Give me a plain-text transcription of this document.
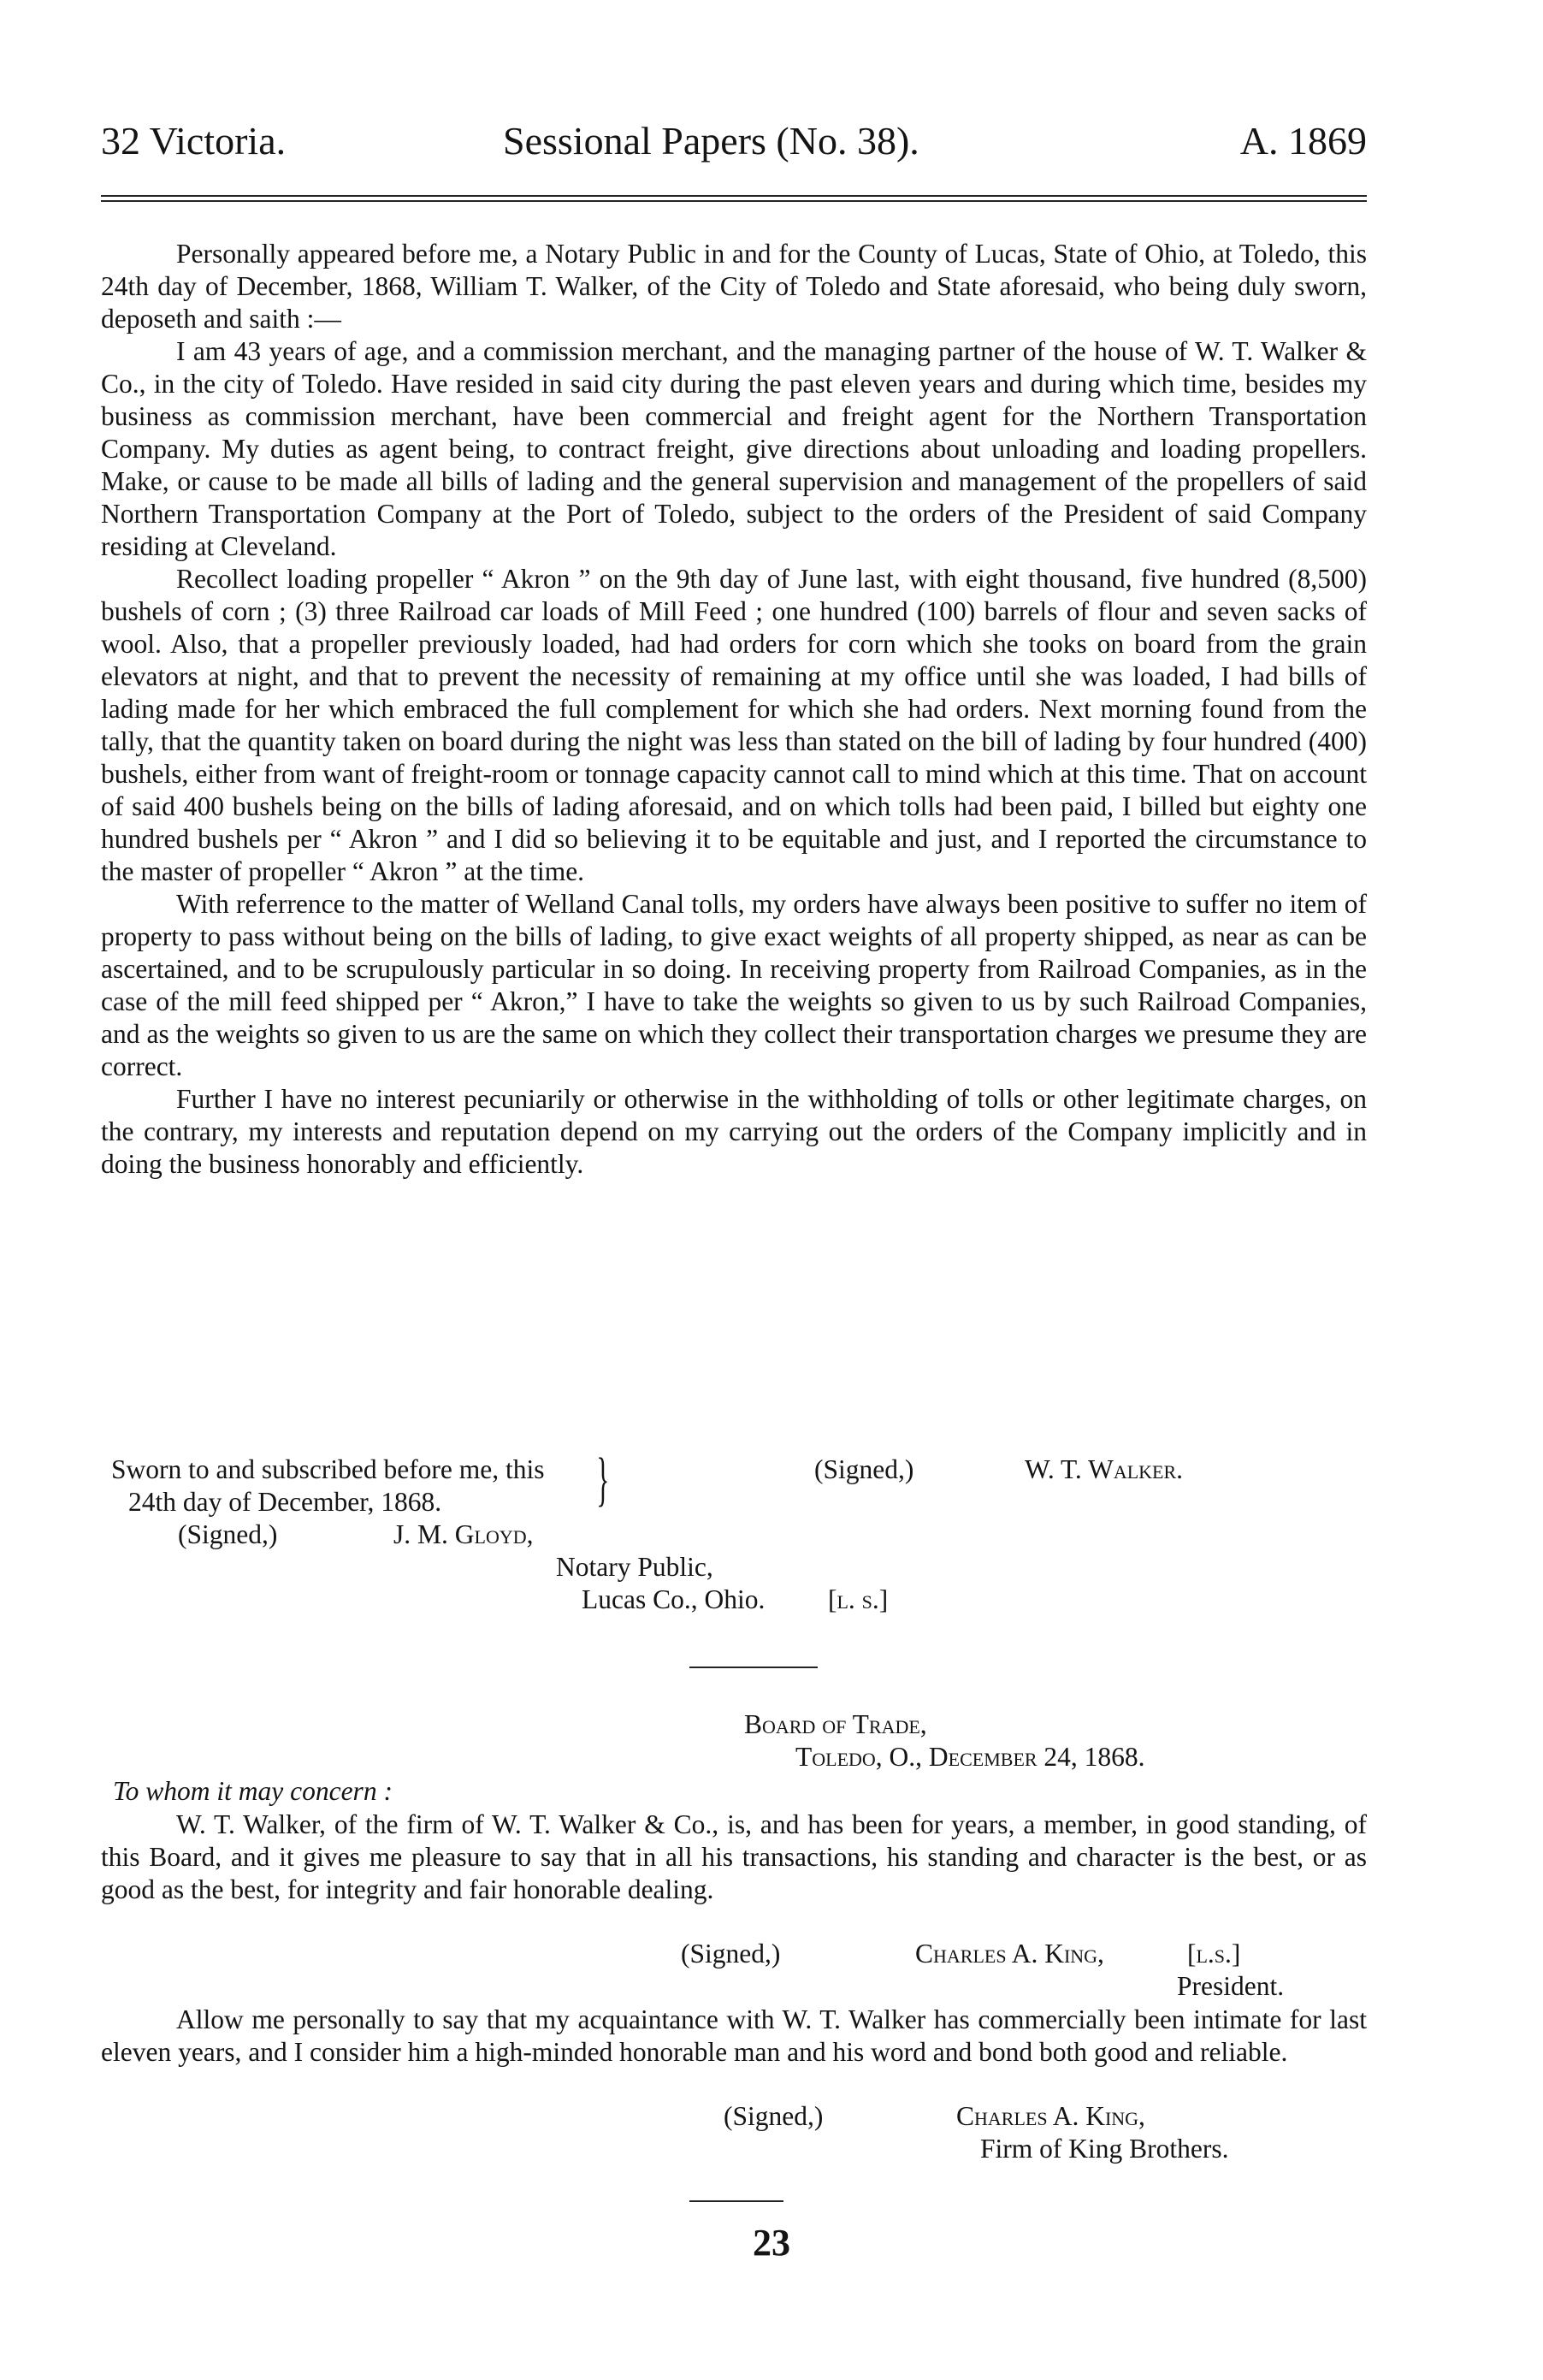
32 Victoria.	Sessional Papers (No. 38).	A. 1869

Personally appeared before me, a Notary Public in and for the County of Lucas, State of Ohio, at Toledo, this 24th day of December, 1868, William T. Walker, of the City of Toledo and State aforesaid, who being duly sworn, deposeth and saith :—

I am 43 years of age, and a commission merchant, and the managing partner of the house of W. T. Walker & Co., in the city of Toledo. Have resided in said city during the past eleven years and during which time, besides my business as commission merchant, have been commercial and freight agent for the Northern Transportation Company. My duties as agent being, to contract freight, give directions about unloading and loading propellers. Make, or cause to be made all bills of lading and the general supervision and management of the propellers of said Northern Transportation Company at the Port of Toledo, subject to the orders of the President of said Company residing at Cleveland.

Recollect loading propeller “ Akron ” on the 9th day of June last, with eight thousand, five hundred (8,500) bushels of corn ; (3) three Railroad car loads of Mill Feed ; one hundred (100) barrels of flour and seven sacks of wool. Also, that a propeller previously loaded, had had orders for corn which she tooks on board from the grain elevators at night, and that to prevent the necessity of remaining at my office until she was loaded, I had bills of lading made for her which embraced the full complement for which she had orders. Next morning found from the tally, that the quantity taken on board during the night was less than stated on the bill of lading by four hundred (400) bushels, either from want of freight-room or tonnage capacity cannot call to mind which at this time. That on account of said 400 bushels being on the bills of lading aforesaid, and on which tolls had been paid, I billed but eighty one hundred bushels per “ Akron ” and I did so believing it to be equitable and just, and I reported the circumstance to the master of propeller “ Akron ” at the time.

With referrence to the matter of Welland Canal tolls, my orders have always been positive to suffer no item of property to pass without being on the bills of lading, to give exact weights of all property shipped, as near as can be ascertained, and to be scrupulously particular in so doing. In receiving property from Railroad Companies, as in the case of the mill feed shipped per “ Akron,” I have to take the weights so given to us by such Railroad Companies, and as the weights so given to us are the same on which they collect their transportation charges we presume they are correct.

Further I have no interest pecuniarily or otherwise in the withholding of tolls or other legitimate charges, on the contrary, my interests and reputation depend on my carrying out the orders of the Company implicitly and in doing the business honorably and efficiently.

Sworn to and subscribed before me, this
24th day of December, 1868.	}	(Signed,)	W. T. Walker.
(Signed,)	J. M. Gloyd,
Notary Public,
Lucas Co., Ohio. [l. s.]
Board of Trade,
Toledo, O., December 24, 1868.
To whom it may concern :

W. T. Walker, of the firm of W. T. Walker & Co., is, and has been for years, a member, in good standing, of this Board, and it gives me pleasure to say that in all his transactions, his standing and character is the best, or as good as the best, for integrity and fair honorable dealing.

(Signed,)	Charles A. King,	[l.s.]
President.

Allow me personally to say that my acquaintance with W. T. Walker has commercially been intimate for last eleven years, and I consider him a high-minded honorable man and his word and bond both good and reliable.

(Signed,)	Charles A. King,
Firm of King Brothers.
23
